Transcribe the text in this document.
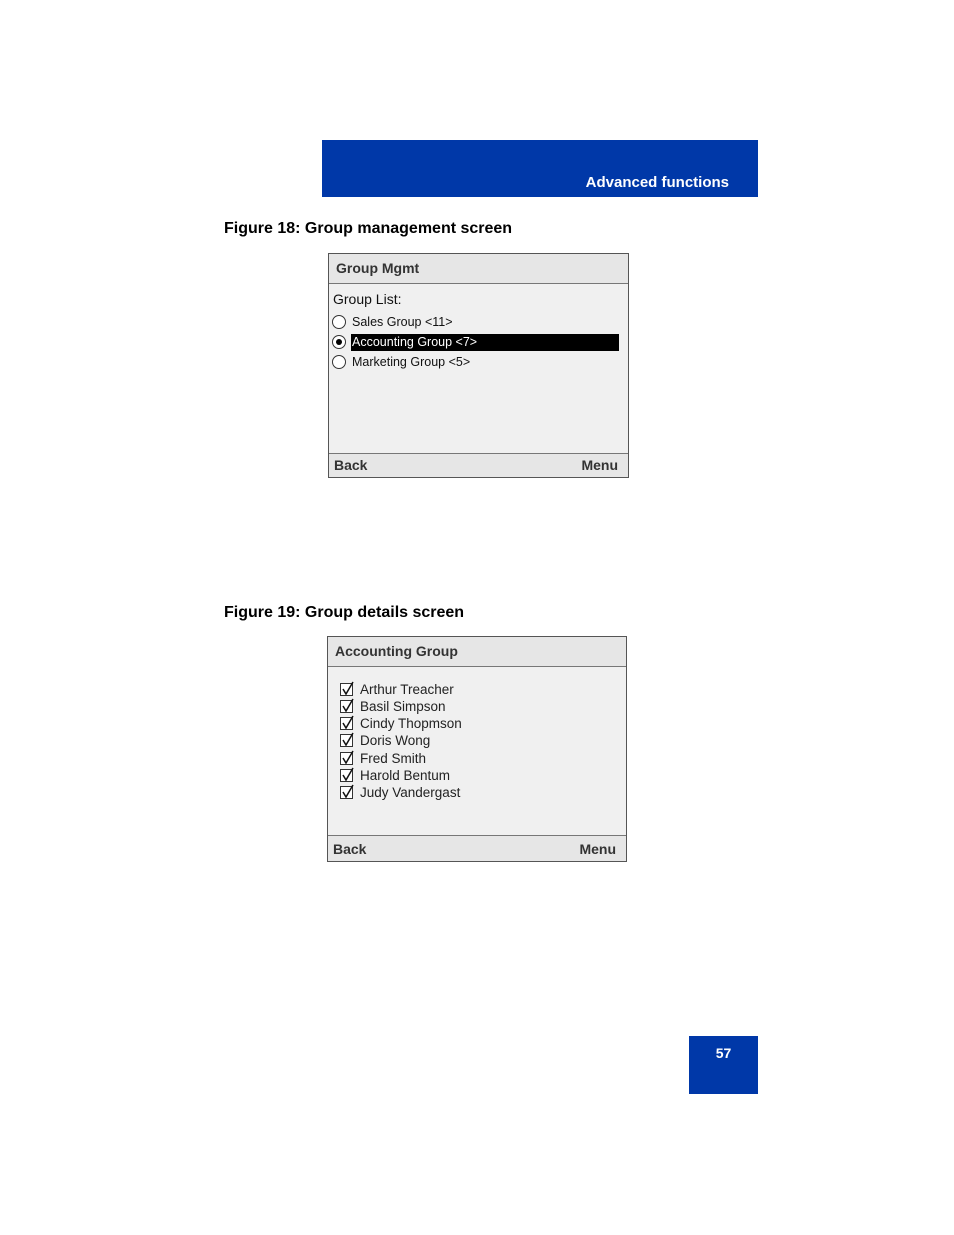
Advanced functions
Figure 18: Group management screen
Group Mgmt
Group List:
Sales Group <11>
Accounting Group <7>
Marketing Group <5>
Back	Menu
Figure 19: Group details screen
Accounting Group
Arthur Treacher
Basil Simpson
Cindy Thopmson
Doris Wong
Fred Smith
Harold Bentum
Judy Vandergast
Back	Menu
57
